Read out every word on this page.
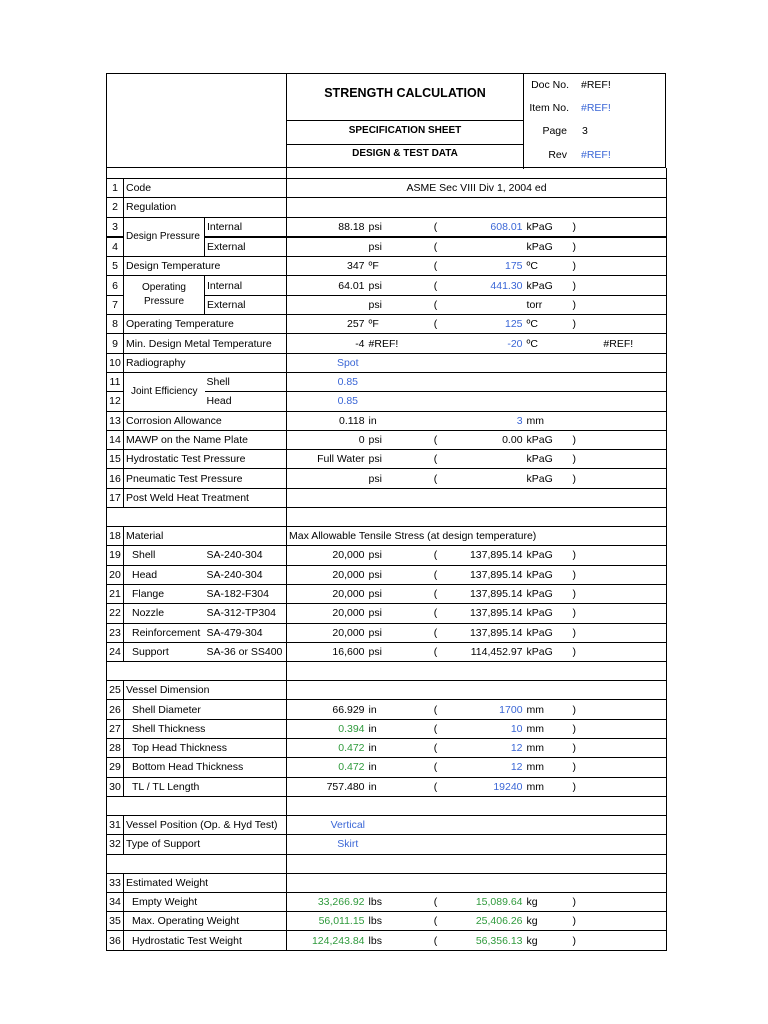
STRENGTH CALCULATION
SPECIFICATION SHEET
DESIGN & TEST DATA
Doc No. #REF!
Item No. #REF!
Page 3
Rev #REF!

1	Code		ASME Sec VIII Div 1, 2004 ed					
2	Regulation							
3	Design Pressure	Internal	88.18	psi	(	608.01	kPaG	)
4		External		psi	(		kPaG	)
5	Design Temperature		347	ºF	(	175	ºC	)
6	Operating Pressure	Internal	64.01	psi	(	441.30	kPaG	)
7		External		psi	(		torr	)
8	Operating Temperature		257	ºF	(	125	ºC	)
9	Min. Design Metal Temperature		-4	#REF!		-20	ºC	#REF!
10	Radiography		Spot					
11	Joint Efficiency	Shell	0.85					
12		Head	0.85					
13	Corrosion Allowance		0.118	in		3	mm	
14	MAWP on the Name Plate		0	psi	(	0.00	kPaG	)
15	Hydrostatic Test Pressure		Full Water	psi	(		kPaG	)
16	Pneumatic Test Pressure			psi	(		kPaG	)
17	Post Weld Heat Treatment							

18	Material		Max Allowable Tensile Stress (at design temperature)					
19	Shell	SA-240-304	20,000	psi	(	137,895.14	kPaG	)
20	Head	SA-240-304	20,000	psi	(	137,895.14	kPaG	)
21	Flange	SA-182-F304	20,000	psi	(	137,895.14	kPaG	)
22	Nozzle	SA-312-TP304	20,000	psi	(	137,895.14	kPaG	)
23	Reinforcement	SA-479-304	20,000	psi	(	137,895.14	kPaG	)
24	Support	SA-36 or SS400	16,600	psi	(	114,452.97	kPaG	)

25	Vessel Dimension							
26	Shell Diameter		66.929	in	(	1700	mm	)
27	Shell Thickness		0.394	in	(	10	mm	)
28	Top Head Thickness		0.472	in	(	12	mm	)
29	Bottom Head Thickness		0.472	in	(	12	mm	)
30	TL / TL Length		757.480	in	(	19240	mm	)

31	Vessel Position (Op. & Hyd Test)		Vertical					
32	Type of Support		Skirt					

33	Estimated Weight							
34	Empty Weight		33,266.92	lbs	(	15,089.64	kg	)
35	Max. Operating Weight		56,011.15	lbs	(	25,406.26	kg	)
36	Hydrostatic Test Weight		124,243.84	lbs	(	56,356.13	kg	)
